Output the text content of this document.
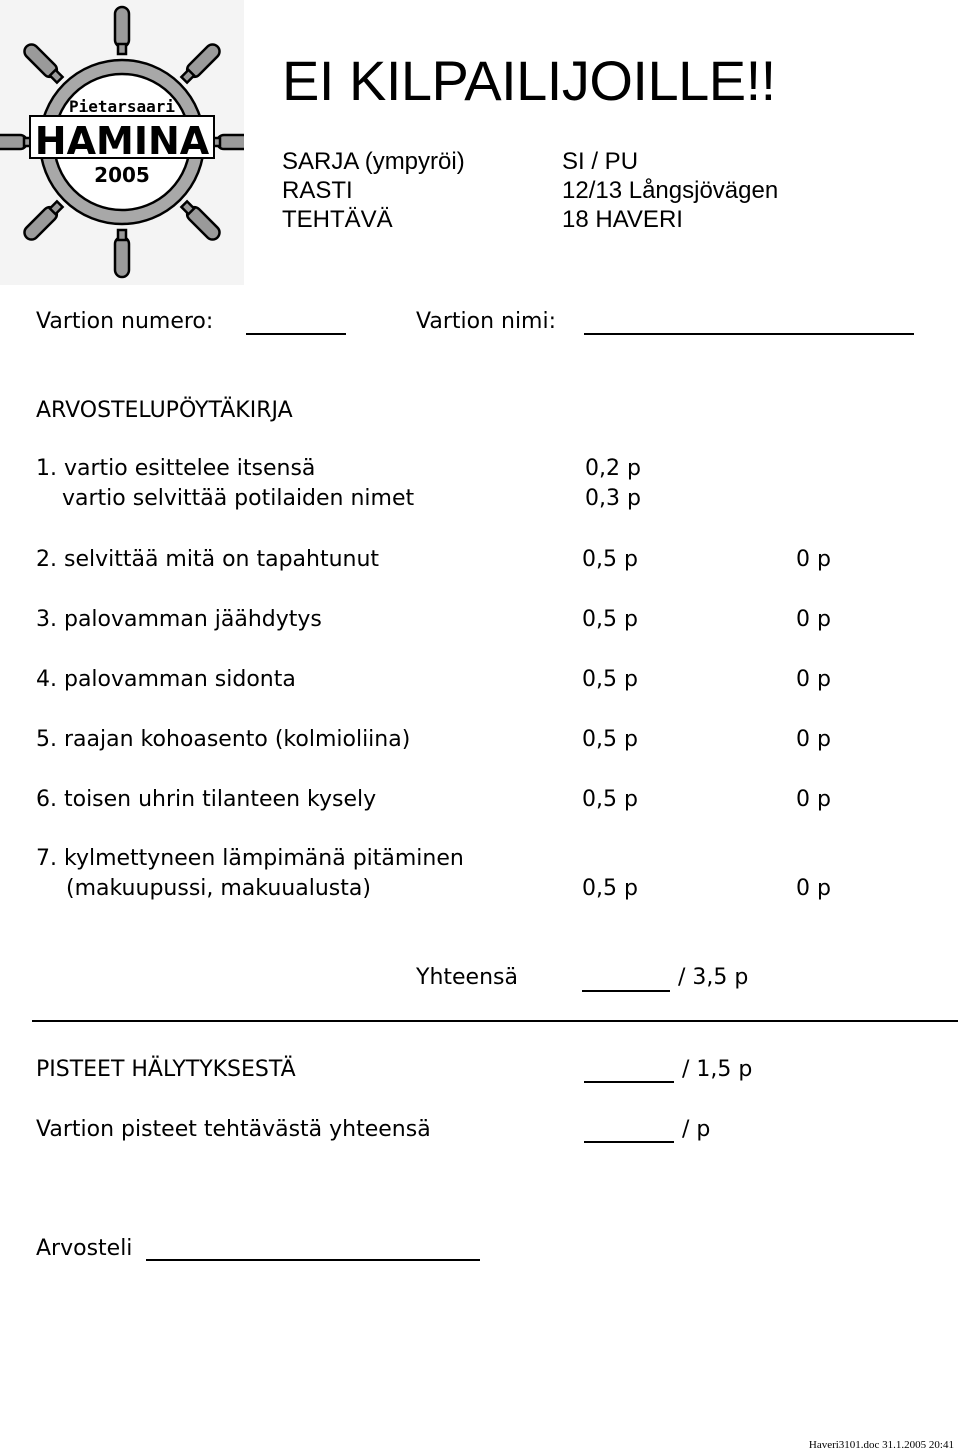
Pietarsaari
HAMINA
2005
EI KILPAILIJOILLE!!
SARJA (ympyröi)	SI / PU
RASTI	12/13 Långsjövägen
TEHTÄVÄ	18 HAVERI
Vartion numero:	Vartion nimi:
ARVOSTELUPÖYTÄKIRJA
1. vartio esittelee itsensä	0,2 p
vartio selvittää potilaiden nimet	0,3 p
2. selvittää mitä on tapahtunut	0,5 p	0 p
3. palovamman jäähdytys	0,5 p	0 p
4. palovamman sidonta	0,5 p	0 p
5. raajan kohoasento (kolmioliina)	0,5 p	0 p
6. toisen uhrin tilanteen kysely	0,5 p	0 p
7. kylmettyneen lämpimänä pitäminen
(makuupussi, makuualusta)	0,5 p	0 p
Yhteensä	/ 3,5 p
PISTEET HÄLYTYKSESTÄ	/ 1,5 p
Vartion pisteet tehtävästä yhteensä	/ p
Arvosteli
Haveri3101.doc 31.1.2005 20:41
